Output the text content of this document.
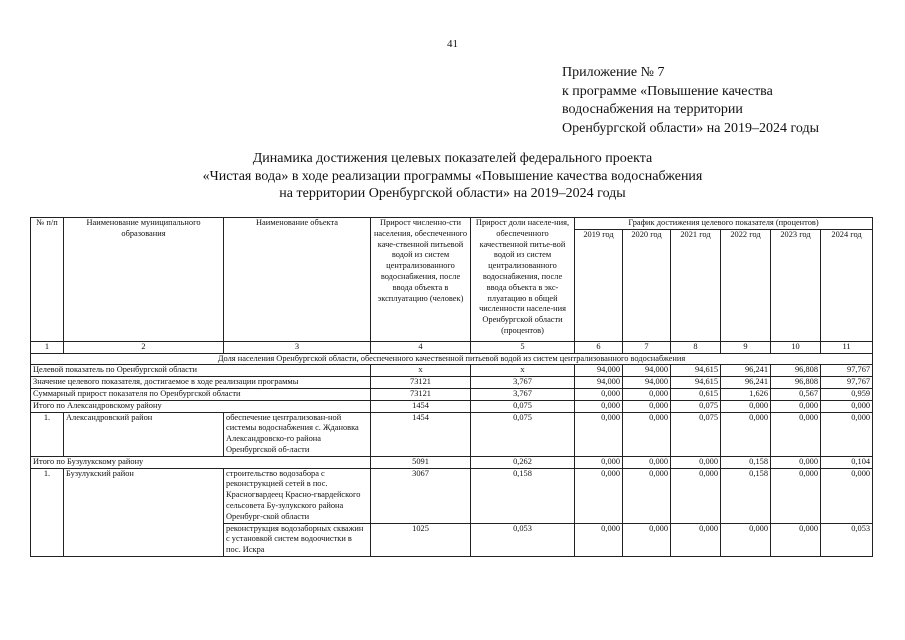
41
Приложение № 7
к программе «Повышение качества
водоснабжения на территории
Оренбургской области» на 2019–2024 годы
Динамика достижения целевых показателей федерального проекта
«Чистая вода» в ходе реализации программы «Повышение качества водоснабжения
на территории Оренбургской области» на 2019–2024 годы
№ п/п	Наименование муниципального образования	Наименование объекта	Прирост численно-сти населения, обеспеченного каче-ственной питьевой водой из систем централизованного водоснабжения, после ввода объекта в эксплуатацию (человек)	Прирост доли населе-ния, обеспеченного качественной питье-вой водой из систем централизованного водоснабжения, после ввода объекта в экс-плуатацию в общей численности населе-ния Оренбургской области (процентов)	График достижения целевого показателя (процентов)					
					2019 год	2020 год	2021 год	2022 год	2023 год	2024 год
1	2	3	4	5	6	7	8	9	10	11
Доля населения Оренбургской области, обеспеченного качественной питьевой водой из систем централизованного водоснабжения										
Целевой показатель по Оренбургской области			x	x	94,000	94,000	94,615	96,241	96,808	97,767
Значение целевого показателя, достигаемое в ходе реализации программы			73121	3,767	94,000	94,000	94,615	96,241	96,808	97,767
Суммарный прирост показателя по Оренбургской области			73121	3,767	0,000	0,000	0,615	1,626	0,567	0,959
Итого по Александровскому району			1454	0,075	0,000	0,000	0,075	0,000	0,000	0,000
1.	Александровский район	обеспечение централизован-ной системы водоснабжения с. Ждановка Александровско-го района Оренбургской об-ласти	1454	0,075	0,000	0,000	0,075	0,000	0,000	0,000
Итого по Бузулукскому району			5091	0,262	0,000	0,000	0,000	0,158	0,000	0,104
1.	Бузулукский район	строительство водозабора с реконструкцией сетей в пос. Красногвардеец Красно-гвардейского сельсовета Бу-зулукского района Оренбург-ской области	3067	0,158	0,000	0,000	0,000	0,158	0,000	0,000
		реконструкция водозаборных скважин с установкой систем водоочистки в пос. Искра	1025	0,053	0,000	0,000	0,000	0,000	0,000	0,053
